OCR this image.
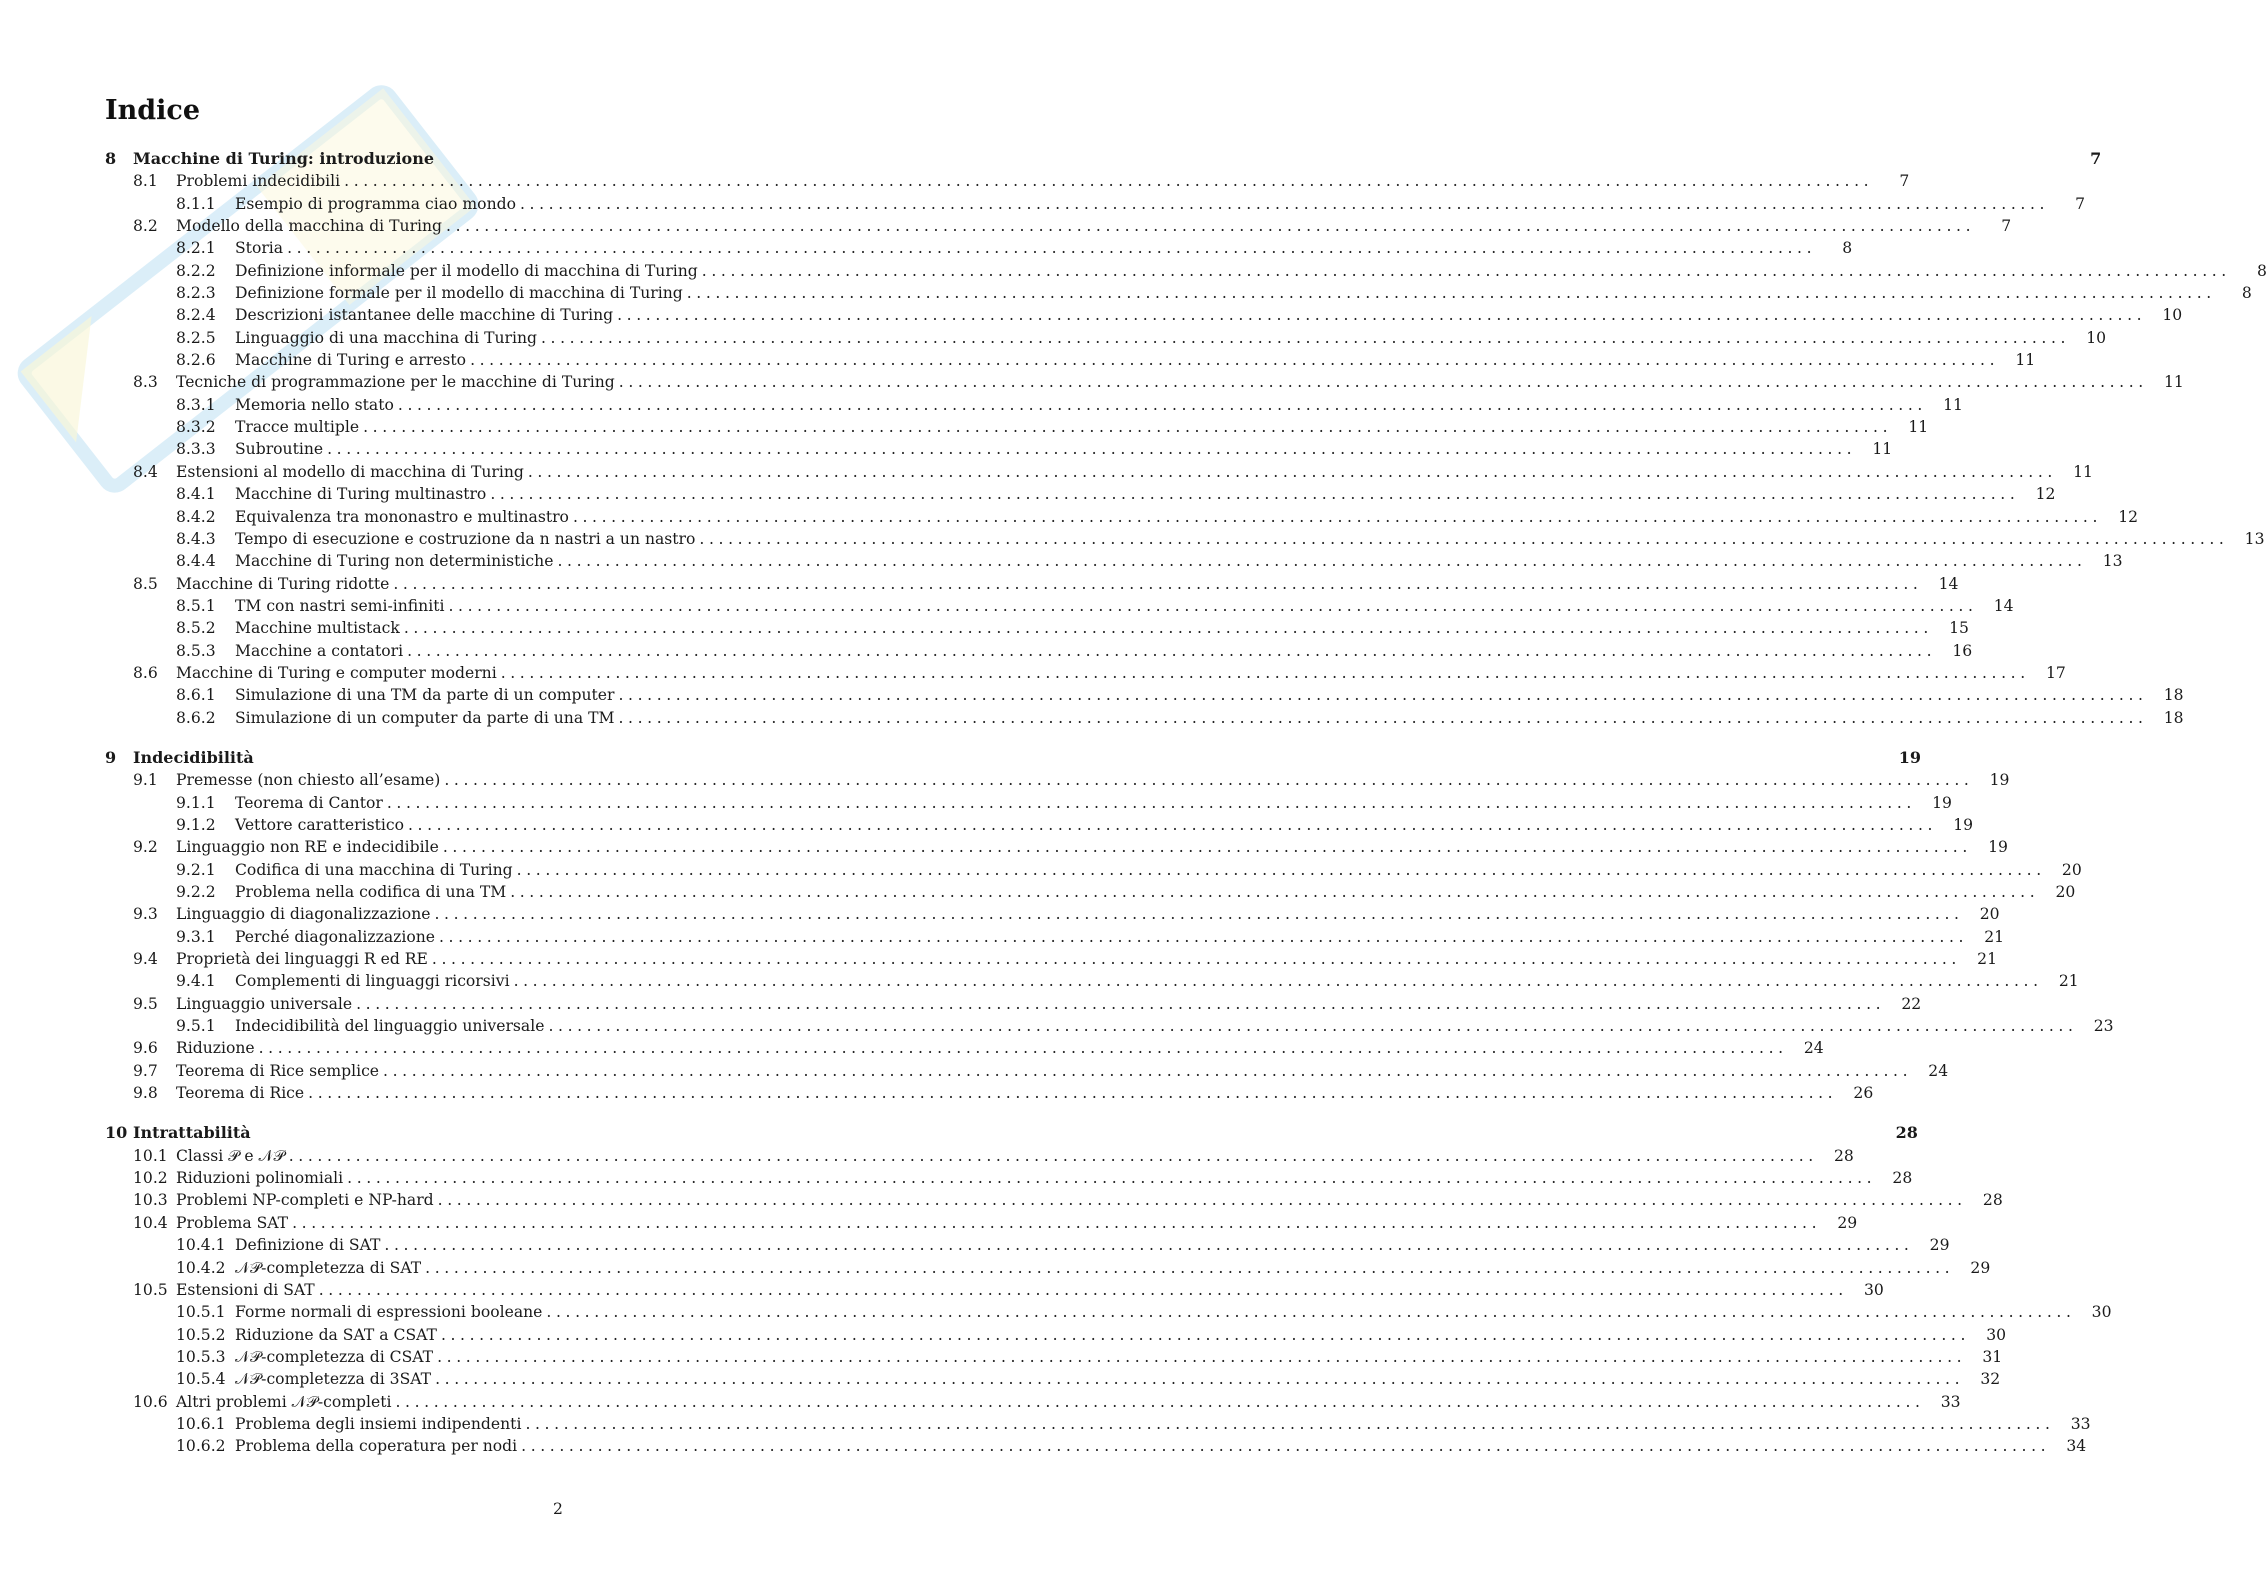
Indice
8	Macchine di Turing: introduzione	7
8.1	Problemi indecidibili ................................................................................................................................................................	7
8.1.1	Esempio di programma ciao mondo ................................................................................................................................................................	7
8.2	Modello della macchina di Turing ................................................................................................................................................................	7
8.2.1	Storia ................................................................................................................................................................	8
8.2.2	Definizione informale per il modello di macchina di Turing ................................................................................................................................................................	8
8.2.3	Definizione formale per il modello di macchina di Turing ................................................................................................................................................................	8
8.2.4	Descrizioni istantanee delle macchine di Turing ................................................................................................................................................................	10
8.2.5	Linguaggio di una macchina di Turing ................................................................................................................................................................	10
8.2.6	Macchine di Turing e arresto ................................................................................................................................................................	11
8.3	Tecniche di programmazione per le macchine di Turing ................................................................................................................................................................	11
8.3.1	Memoria nello stato ................................................................................................................................................................	11
8.3.2	Tracce multiple ................................................................................................................................................................	11
8.3.3	Subroutine ................................................................................................................................................................	11
8.4	Estensioni al modello di macchina di Turing ................................................................................................................................................................	11
8.4.1	Macchine di Turing multinastro ................................................................................................................................................................	12
8.4.2	Equivalenza tra mononastro e multinastro ................................................................................................................................................................	12
8.4.3	Tempo di esecuzione e costruzione da n nastri a un nastro ................................................................................................................................................................	13
8.4.4	Macchine di Turing non deterministiche ................................................................................................................................................................	13
8.5	Macchine di Turing ridotte ................................................................................................................................................................	14
8.5.1	TM con nastri semi-infiniti ................................................................................................................................................................	14
8.5.2	Macchine multistack ................................................................................................................................................................	15
8.5.3	Macchine a contatori ................................................................................................................................................................	16
8.6	Macchine di Turing e computer moderni ................................................................................................................................................................	17
8.6.1	Simulazione di una TM da parte di un computer ................................................................................................................................................................	18
8.6.2	Simulazione di un computer da parte di una TM ................................................................................................................................................................	18
9	Indecidibilità	19
9.1	Premesse (non chiesto all’esame) ................................................................................................................................................................	19
9.1.1	Teorema di Cantor ................................................................................................................................................................	19
9.1.2	Vettore caratteristico ................................................................................................................................................................	19
9.2	Linguaggio non RE e indecidibile ................................................................................................................................................................	19
9.2.1	Codifica di una macchina di Turing ................................................................................................................................................................	20
9.2.2	Problema nella codifica di una TM ................................................................................................................................................................	20
9.3	Linguaggio di diagonalizzazione ................................................................................................................................................................	20
9.3.1	Perché diagonalizzazione ................................................................................................................................................................	21
9.4	Proprietà dei linguaggi R ed RE ................................................................................................................................................................	21
9.4.1	Complementi di linguaggi ricorsivi ................................................................................................................................................................	21
9.5	Linguaggio universale ................................................................................................................................................................	22
9.5.1	Indecidibilità del linguaggio universale ................................................................................................................................................................	23
9.6	Riduzione ................................................................................................................................................................	24
9.7	Teorema di Rice semplice ................................................................................................................................................................	24
9.8	Teorema di Rice ................................................................................................................................................................	26
10 Intrattabilità	28
10.1 Classi 𝒫 e 𝒩𝒫 ................................................................................................................................................................	28
10.2 Riduzioni polinomiali ................................................................................................................................................................	28
10.3 Problemi NP-completi e NP-hard ................................................................................................................................................................	28
10.4 Problema SAT ................................................................................................................................................................	29
10.4.1 Definizione di SAT ................................................................................................................................................................	29
10.4.2 𝒩𝒫-completezza di SAT ................................................................................................................................................................	29
10.5 Estensioni di SAT ................................................................................................................................................................	30
10.5.1 Forme normali di espressioni booleane ................................................................................................................................................................	30
10.5.2 Riduzione da SAT a CSAT ................................................................................................................................................................	30
10.5.3 𝒩𝒫-completezza di CSAT ................................................................................................................................................................	31
10.5.4 𝒩𝒫-completezza di 3SAT ................................................................................................................................................................	32
10.6 Altri problemi 𝒩𝒫-completi ................................................................................................................................................................	33
10.6.1 Problema degli insiemi indipendenti ................................................................................................................................................................	33
10.6.2 Problema della coperatura per nodi ................................................................................................................................................................	34
2
